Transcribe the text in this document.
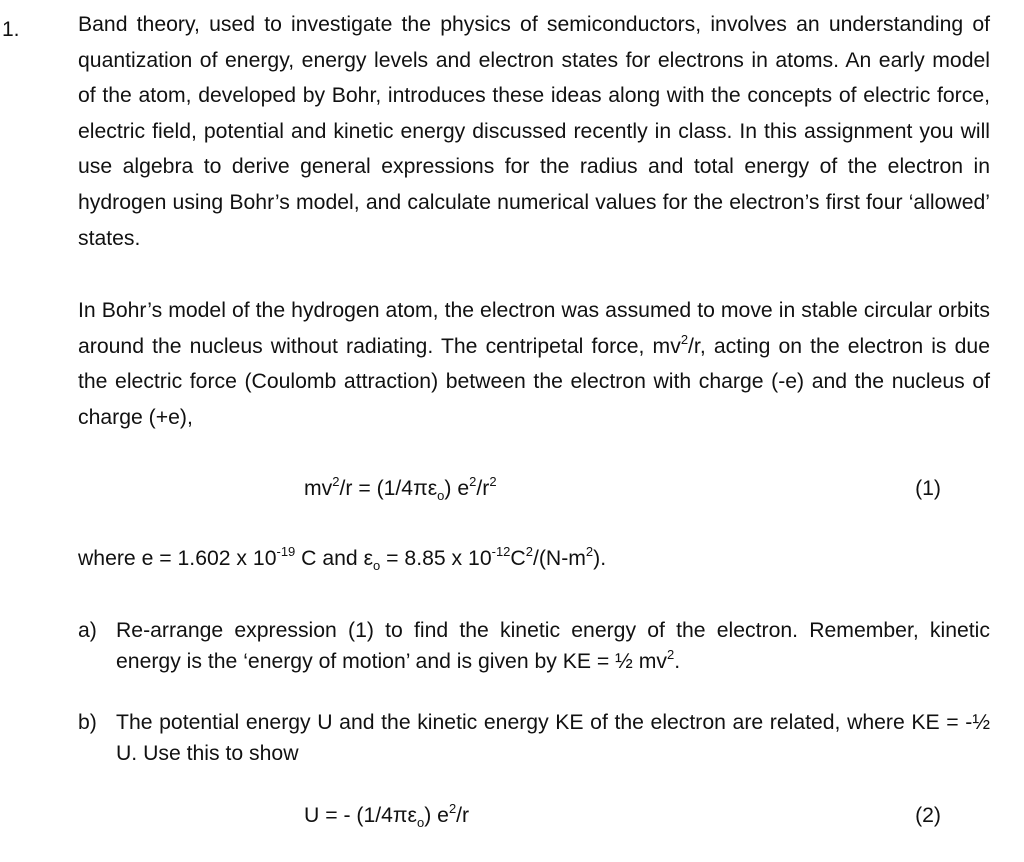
1.	Band theory, used to investigate the physics of semiconductors, involves an understanding of quantization of energy, energy levels and electron states for electrons in atoms. An early model of the atom, developed by Bohr, introduces these ideas along with the concepts of electric force, electric field, potential and kinetic energy discussed recently in class. In this assignment you will use algebra to derive general expressions for the radius and total energy of the electron in hydrogen using Bohr’s model, and calculate numerical values for the electron’s first four ‘allowed’ states.

In Bohr’s model of the hydrogen atom, the electron was assumed to move in stable circular orbits around the nucleus without radiating. The centripetal force, $mv^2/r$, acting on the electron is due the electric force (Coulomb attraction) between the electron with charge (-e) and the nucleus of charge (+e),

$mv^2/r = (1/4\pi\varepsilon_o)$ $e^2/r^2$	(1)
where e = 1.602 x $10^{-19}$ C and $\varepsilon_o = 8.85$ x $10^{-12}C^2/(N-m^2)$.
a) Re-arrange expression (1) to find the kinetic energy of the electron. Remember, kinetic energy is the ‘energy of motion’ and is given by KE = ½ $mv^2$.
b) The potential energy U and the kinetic energy KE of the electron are related, where KE = -½ U. Use this to show
U = - $(1/4\pi\varepsilon_o)$ $e^2/r$	(2)
